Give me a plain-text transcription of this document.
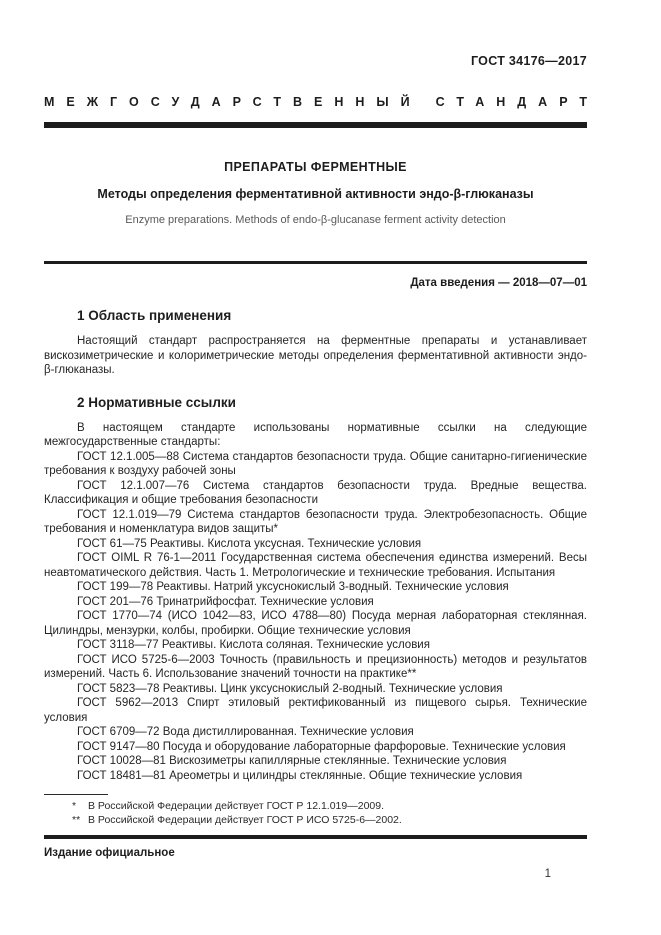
ГОСТ 34176—2017
МЕЖГОСУДАРСТВЕННЫЙ СТАНДАРТ
ПРЕПАРАТЫ ФЕРМЕНТНЫЕ
Методы определения ферментативной активности эндо-β-глюканазы
Enzyme preparations. Methods of endo-β-glucanase ferment activity detection
Дата введения — 2018—07—01
1 Область применения

Настоящий стандарт распространяется на ферментные препараты и устанавливает вискозиметрические и колориметрические методы определения ферментативной активности эндо-β-глюканазы.

2 Нормативные ссылки

В настоящем стандарте использованы нормативные ссылки на следующие межгосударственные стандарты:

ГОСТ 12.1.005—88 Система стандартов безопасности труда. Общие санитарно-гигиенические требования к воздуху рабочей зоны

ГОСТ 12.1.007—76 Система стандартов безопасности труда. Вредные вещества. Классификация и общие требования безопасности

ГОСТ 12.1.019—79 Система стандартов безопасности труда. Электробезопасность. Общие требования и номенклатура видов защиты*

ГОСТ 61—75 Реактивы. Кислота уксусная. Технические условия

ГОСТ OIML R 76-1—2011 Государственная система обеспечения единства измерений. Весы неавтоматического действия. Часть 1. Метрологические и технические требования. Испытания

ГОСТ 199—78 Реактивы. Натрий уксуснокислый 3-водный. Технические условия

ГОСТ 201—76 Тринатрийфосфат. Технические условия

ГОСТ 1770—74 (ИСО 1042—83, ИСО 4788—80) Посуда мерная лабораторная стеклянная. Цилиндры, мензурки, колбы, пробирки. Общие технические условия

ГОСТ 3118—77 Реактивы. Кислота соляная. Технические условия

ГОСТ ИСО 5725-6—2003 Точность (правильность и прецизионность) методов и результатов измерений. Часть 6. Использование значений точности на практике**

ГОСТ 5823—78 Реактивы. Цинк уксуснокислый 2-водный. Технические условия

ГОСТ 5962—2013 Спирт этиловый ректификованный из пищевого сырья. Технические условия

ГОСТ 6709—72 Вода дистиллированная. Технические условия

ГОСТ 9147—80 Посуда и оборудование лабораторные фарфоровые. Технические условия

ГОСТ 10028—81 Вискозиметры капиллярные стеклянные. Технические условия

ГОСТ 18481—81 Ареометры и цилиндры стеклянные. Общие технические условия

*	В Российской Федерации действует ГОСТ Р 12.1.019—2009.
** В Российской Федерации действует ГОСТ Р ИСО 5725-6—2002.
Издание официальное
1
